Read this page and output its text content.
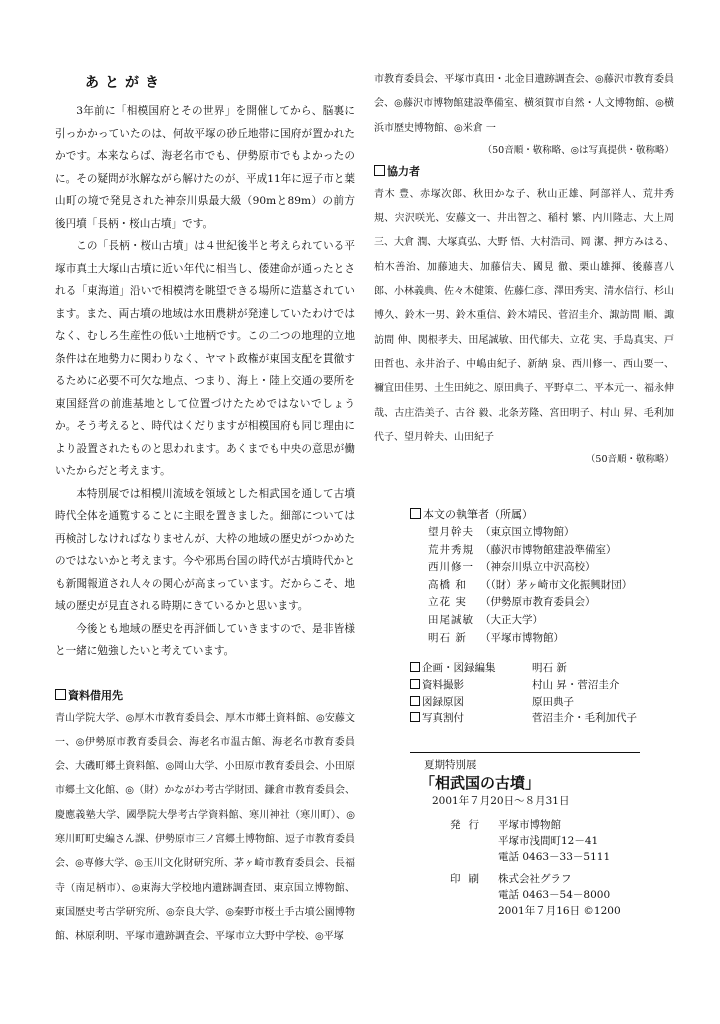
あとがき

3年前に「相模国府とその世界」を開催してから、脳裏に引っかかっていたのは、何故平塚の砂丘地帯に国府が置かれたかです。本来ならば、海老名市でも、伊勢原市でもよかったのに。その疑問が氷解ながら解けたのが、平成11年に逗子市と葉山町の境で発見された神奈川県最大級（90mと89m）の前方後円墳「長柄・桜山古墳」です。

この「長柄・桜山古墳」は４世紀後半と考えられている平塚市真土大塚山古墳に近い年代に相当し、倭建命が通ったとされる「東海道」沿いで相模湾を眺望できる場所に造墓されています。また、両古墳の地域は水田農耕が発達していたわけではなく、むしろ生産性の低い土地柄です。この二つの地理的立地条件は在地勢力に関わりなく、ヤマト政権が東国支配を貫徹するために必要不可欠な地点、つまり、海上・陸上交通の要所を東国経営の前進基地として位置づけたためではないでしょうか。そう考えると、時代はくだりますが相模国府も同じ理由により設置されたものと思われます。あくまでも中央の意思が働いたからだと考えます。

本特別展では相模川流域を領域とした相武国を通して古墳時代全体を通覧することに主眼を置きました。細部については再検討しなければなりませんが、大枠の地域の歴史がつかめたのではないかと考えます。今や邪馬台国の時代が古墳時代かとも新聞報道され人々の関心が高まっています。だからこそ、地域の歴史が見直される時期にきているかと思います。

今後とも地域の歴史を再評価していきますので、是非皆様と一緒に勉強したいと考えています。

資料借用先

青山学院大学、◎厚木市教育委員会、厚木市郷土資料館、◎安藤文一、◎伊勢原市教育委員会、海老名市温古館、海老名市教育委員会、大磯町郷土資料館、◎岡山大学、小田原市教育委員会、小田原市郷土文化館、◎（財）かながわ考古学財団、鎌倉市教育委員会、慶應義塾大学、國學院大學考古学資料館、寒川神社（寒川町）、◎寒川町町史編さん課、伊勢原市三ノ宮郷土博物館、逗子市教育委員会、◎専修大学、◎玉川文化財研究所、茅ヶ崎市教育委員会、長福寺（南足柄市）、◎東海大学校地内遺跡調査団、東京国立博物館、東国歴史考古学研究所、◎奈良大学、◎秦野市桜土手古墳公園博物館、林原利明、平塚市遺跡調査会、平塚市立大野中学校、◎平塚

市教育委員会、平塚市真田・北金目遺跡調査会、◎藤沢市教育委員会、◎藤沢市博物館建設準備室、横須賀市自然・人文博物館、◎横浜市歴史博物館、◎米倉 一

（50音順・敬称略、◎は写真提供・敬称略）

協力者

青木 豊、赤塚次郎、秋田かな子、秋山正雄、阿部祥人、荒井秀規、宍沢咲光、安藤文一、井出智之、稲村 繁、内川隆志、大上周三、大倉 潤、大塚真弘、大野 悟、大村浩司、岡 潔、押方みはる、柏木善治、加藤迪夫、加藤信夫、國見 徹、栗山雄揮、後藤喜八郎、小林義典、佐々木健策、佐藤仁彦、澤田秀実、清水信行、杉山博久、鈴木一男、鈴木重信、鈴木靖民、菅沼圭介、諏訪間 順、諏訪間 伸、関根孝夫、田尾誠敏、田代郁夫、立花 実、手島真実、戸田哲也、永井治子、中嶋由紀子、新納 泉、西川修一、西山要一、禰宜田佳男、土生田純之、原田典子、平野卓二、平本元一、福永伸哉、古庄浩美子、古谷 毅、北条芳隆、宮田明子、村山 昇、毛利加代子、望月幹夫、山田紀子

（50音順・敬称略）

本文の執筆者（所属）

望月幹夫 （東京国立博物館）
荒井秀規 （藤沢市博物館建設準備室）
西川修一 （神奈川県立中沢高校）
高橋 和	（（財）茅ヶ崎市文化振興財団）
立花 実	（伊勢原市教育委員会）
田尾誠敏 （大正大学）
明石 新	（平塚市博物館）
企画・図録編集	明石 新
資料撮影	村山 昇・菅沼圭介
図録原図	原田典子
写真割付	菅沼圭介・毛利加代子
夏期特別展
「相武国の古墳」
2001年７月20日～８月31日
発行	平塚市博物館
平塚市浅間町12－41
電話 0463－33－5111
印刷	株式会社グラフ
電話 0463－54－8000
2001年７月16日 ©1200
